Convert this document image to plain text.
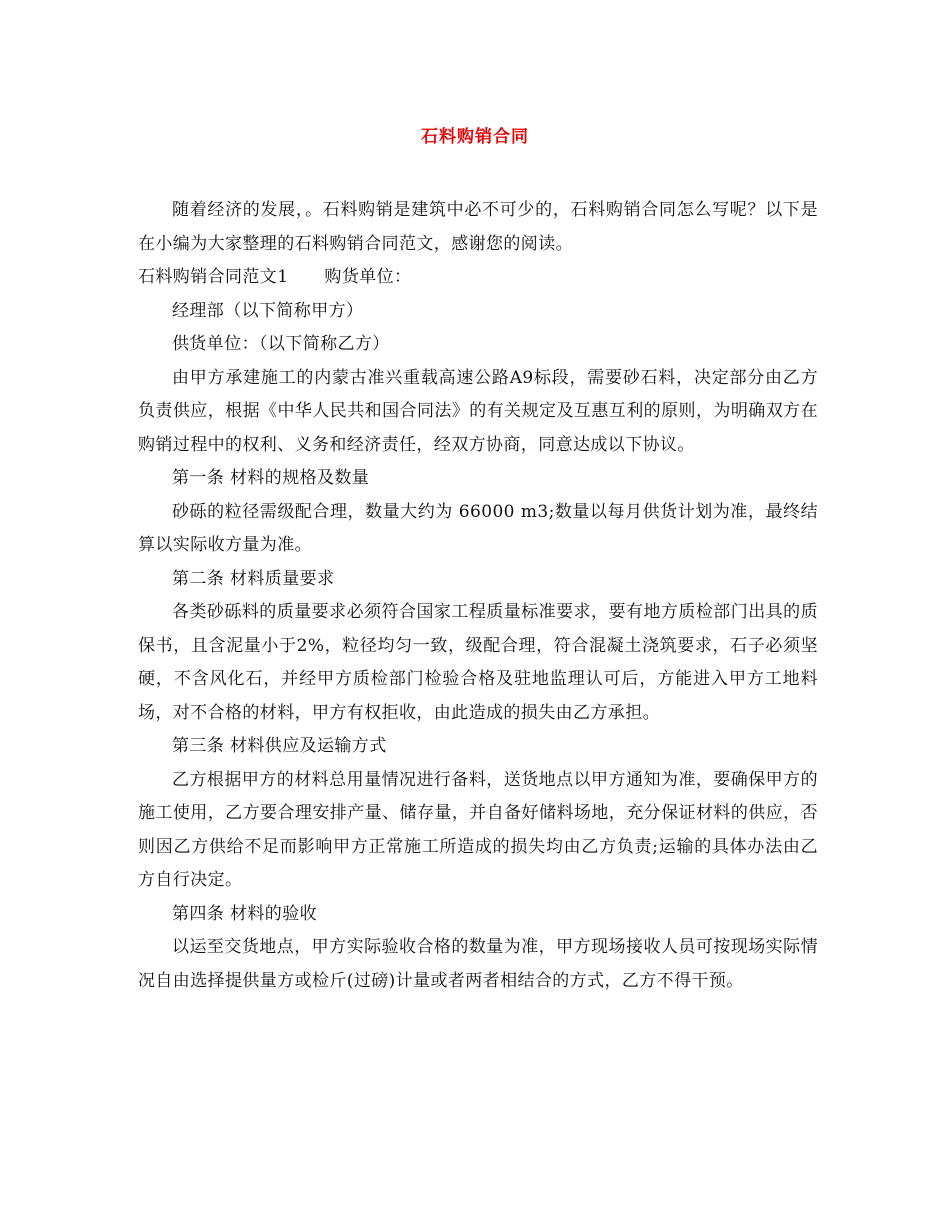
石料购销合同

随着经济的发展，。石料购销是建筑中必不可少的，石料购销合同怎么写呢？以下是在小编为大家整理的石料购销合同范文，感谢您的阅读。

石料购销合同范文1 购货单位：

经理部（以下简称甲方）

供货单位：（以下简称乙方）

由甲方承建施工的内蒙古准兴重载高速公路A9标段，需要砂石料，决定部分由乙方负责供应，根据《中华人民共和国合同法》的有关规定及互惠互利的原则，为明确双方在购销过程中的权利、义务和经济责任，经双方协商，同意达成以下协议。

第一条 材料的规格及数量

砂砾的粒径需级配合理，数量大约为 66000 m3;数量以每月供货计划为准，最终结算以实际收方量为准。

第二条 材料质量要求

各类砂砾料的质量要求必须符合国家工程质量标准要求，要有地方质检部门出具的质保书，且含泥量小于2%，粒径均匀一致，级配合理，符合混凝土浇筑要求，石子必须坚硬，不含风化石，并经甲方质检部门检验合格及驻地监理认可后，方能进入甲方工地料场，对不合格的材料，甲方有权拒收，由此造成的损失由乙方承担。

第三条 材料供应及运输方式

乙方根据甲方的材料总用量情况进行备料，送货地点以甲方通知为准，要确保甲方的施工使用，乙方要合理安排产量、储存量，并自备好储料场地，充分保证材料的供应，否则因乙方供给不足而影响甲方正常施工所造成的损失均由乙方负责;运输的具体办法由乙方自行决定。

第四条 材料的验收

以运至交货地点，甲方实际验收合格的数量为准，甲方现场接收人员可按现场实际情况自由选择提供量方或检斤(过磅)计量或者两者相结合的方式，乙方不得干预。
